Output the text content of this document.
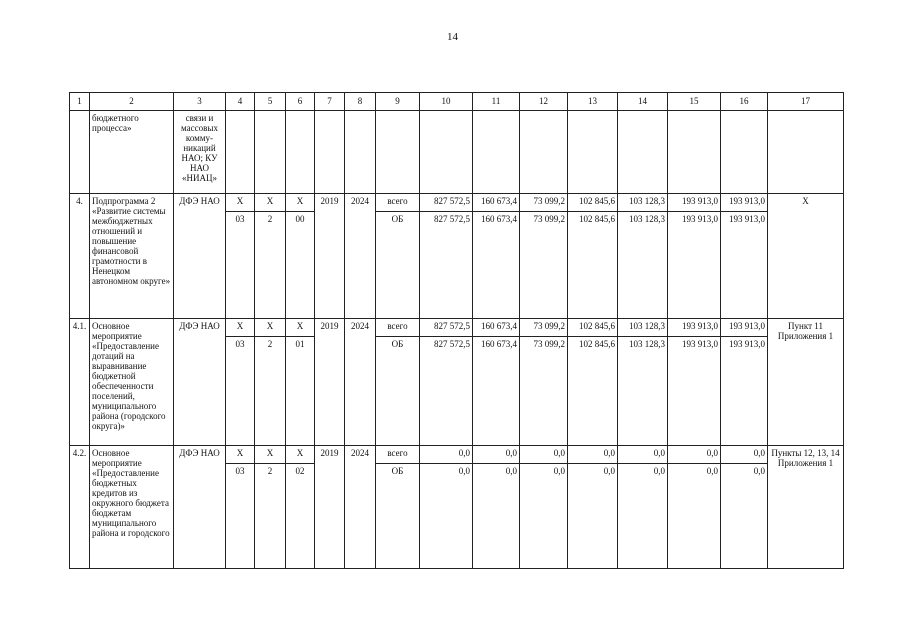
14
1	2	3	4	5	6	7	8	9	10	11	12	13	14	15	16	17
	бюджетного процесса»	связи и массовых комму-никаций НАО; КУ НАО «НИАЦ»														
4.	Подпрограмма 2 «Развитие системы межбюджетных отношений и повышение финансовой грамотности в Ненецком автономном округе»	ДФЭ НАО	Х	Х	Х	2019	2024	всего	827 572,5	160 673,4	73 099,2	102 845,6	103 128,3	193 913,0	193 913,0	Х
			03	2	00			ОБ	827 572,5	160 673,4	73 099,2	102 845,6	103 128,3	193 913,0	193 913,0	
4.1.	Основное мероприятие «Предоставление дотаций на выравнивание бюджетной обеспеченности поселений, муниципального района (городского округа)»	ДФЭ НАО	Х	Х	Х	2019	2024	всего	827 572,5	160 673,4	73 099,2	102 845,6	103 128,3	193 913,0	193 913,0	Пункт 11 Приложения 1
			03	2	01			ОБ	827 572,5	160 673,4	73 099,2	102 845,6	103 128,3	193 913,0	193 913,0	
4.2.	Основное мероприятие «Предоставление бюджетных кредитов из окружного бюджета бюджетам муниципального района и городского	ДФЭ НАО	Х	Х	Х	2019	2024	всего	0,0	0,0	0,0	0,0	0,0	0,0	0,0	Пункты 12, 13, 14 Приложения 1
			03	2	02			ОБ	0,0	0,0	0,0	0,0	0,0	0,0	0,0	
